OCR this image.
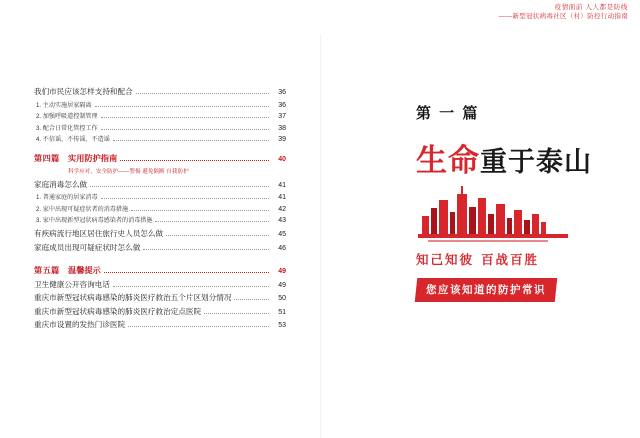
疫情面前 人人都是防线
——新型冠状病毒社区（村）防控行动指南
我们市民应该怎样支持和配合	36
1. 主动实施居家隔离	36
2. 加强呼吸道控制管理	37
3. 配合日常化管控工作	38
4. 不信谣、不传谣、不造谣	39
第四篇 实用防护指南	40
科学应对，安全防护——警惕 避免隔断 自我防护
家庭消毒怎么做	41
1. 普通家庭的居家消毒	41
2. 家中出现可疑症状者的消毒措施	42
3. 家中出现新型冠状病毒感染者的消毒措施	43
有疾病流行地区居住旅行史人员怎么做	45
家庭成员出现可疑症状时怎么做	46
第五篇 温馨提示	49
卫生健康公开咨询电话	49
重庆市新型冠状病毒感染的肺炎医疗救治五个片区划分情况	50
重庆市新型冠状病毒感染的肺炎医疗救治定点医院	51
重庆市设置的发热门诊医院	53
第 一 篇
生命重于泰山
知己知彼 百战百胜
您应该知道的防护常识
